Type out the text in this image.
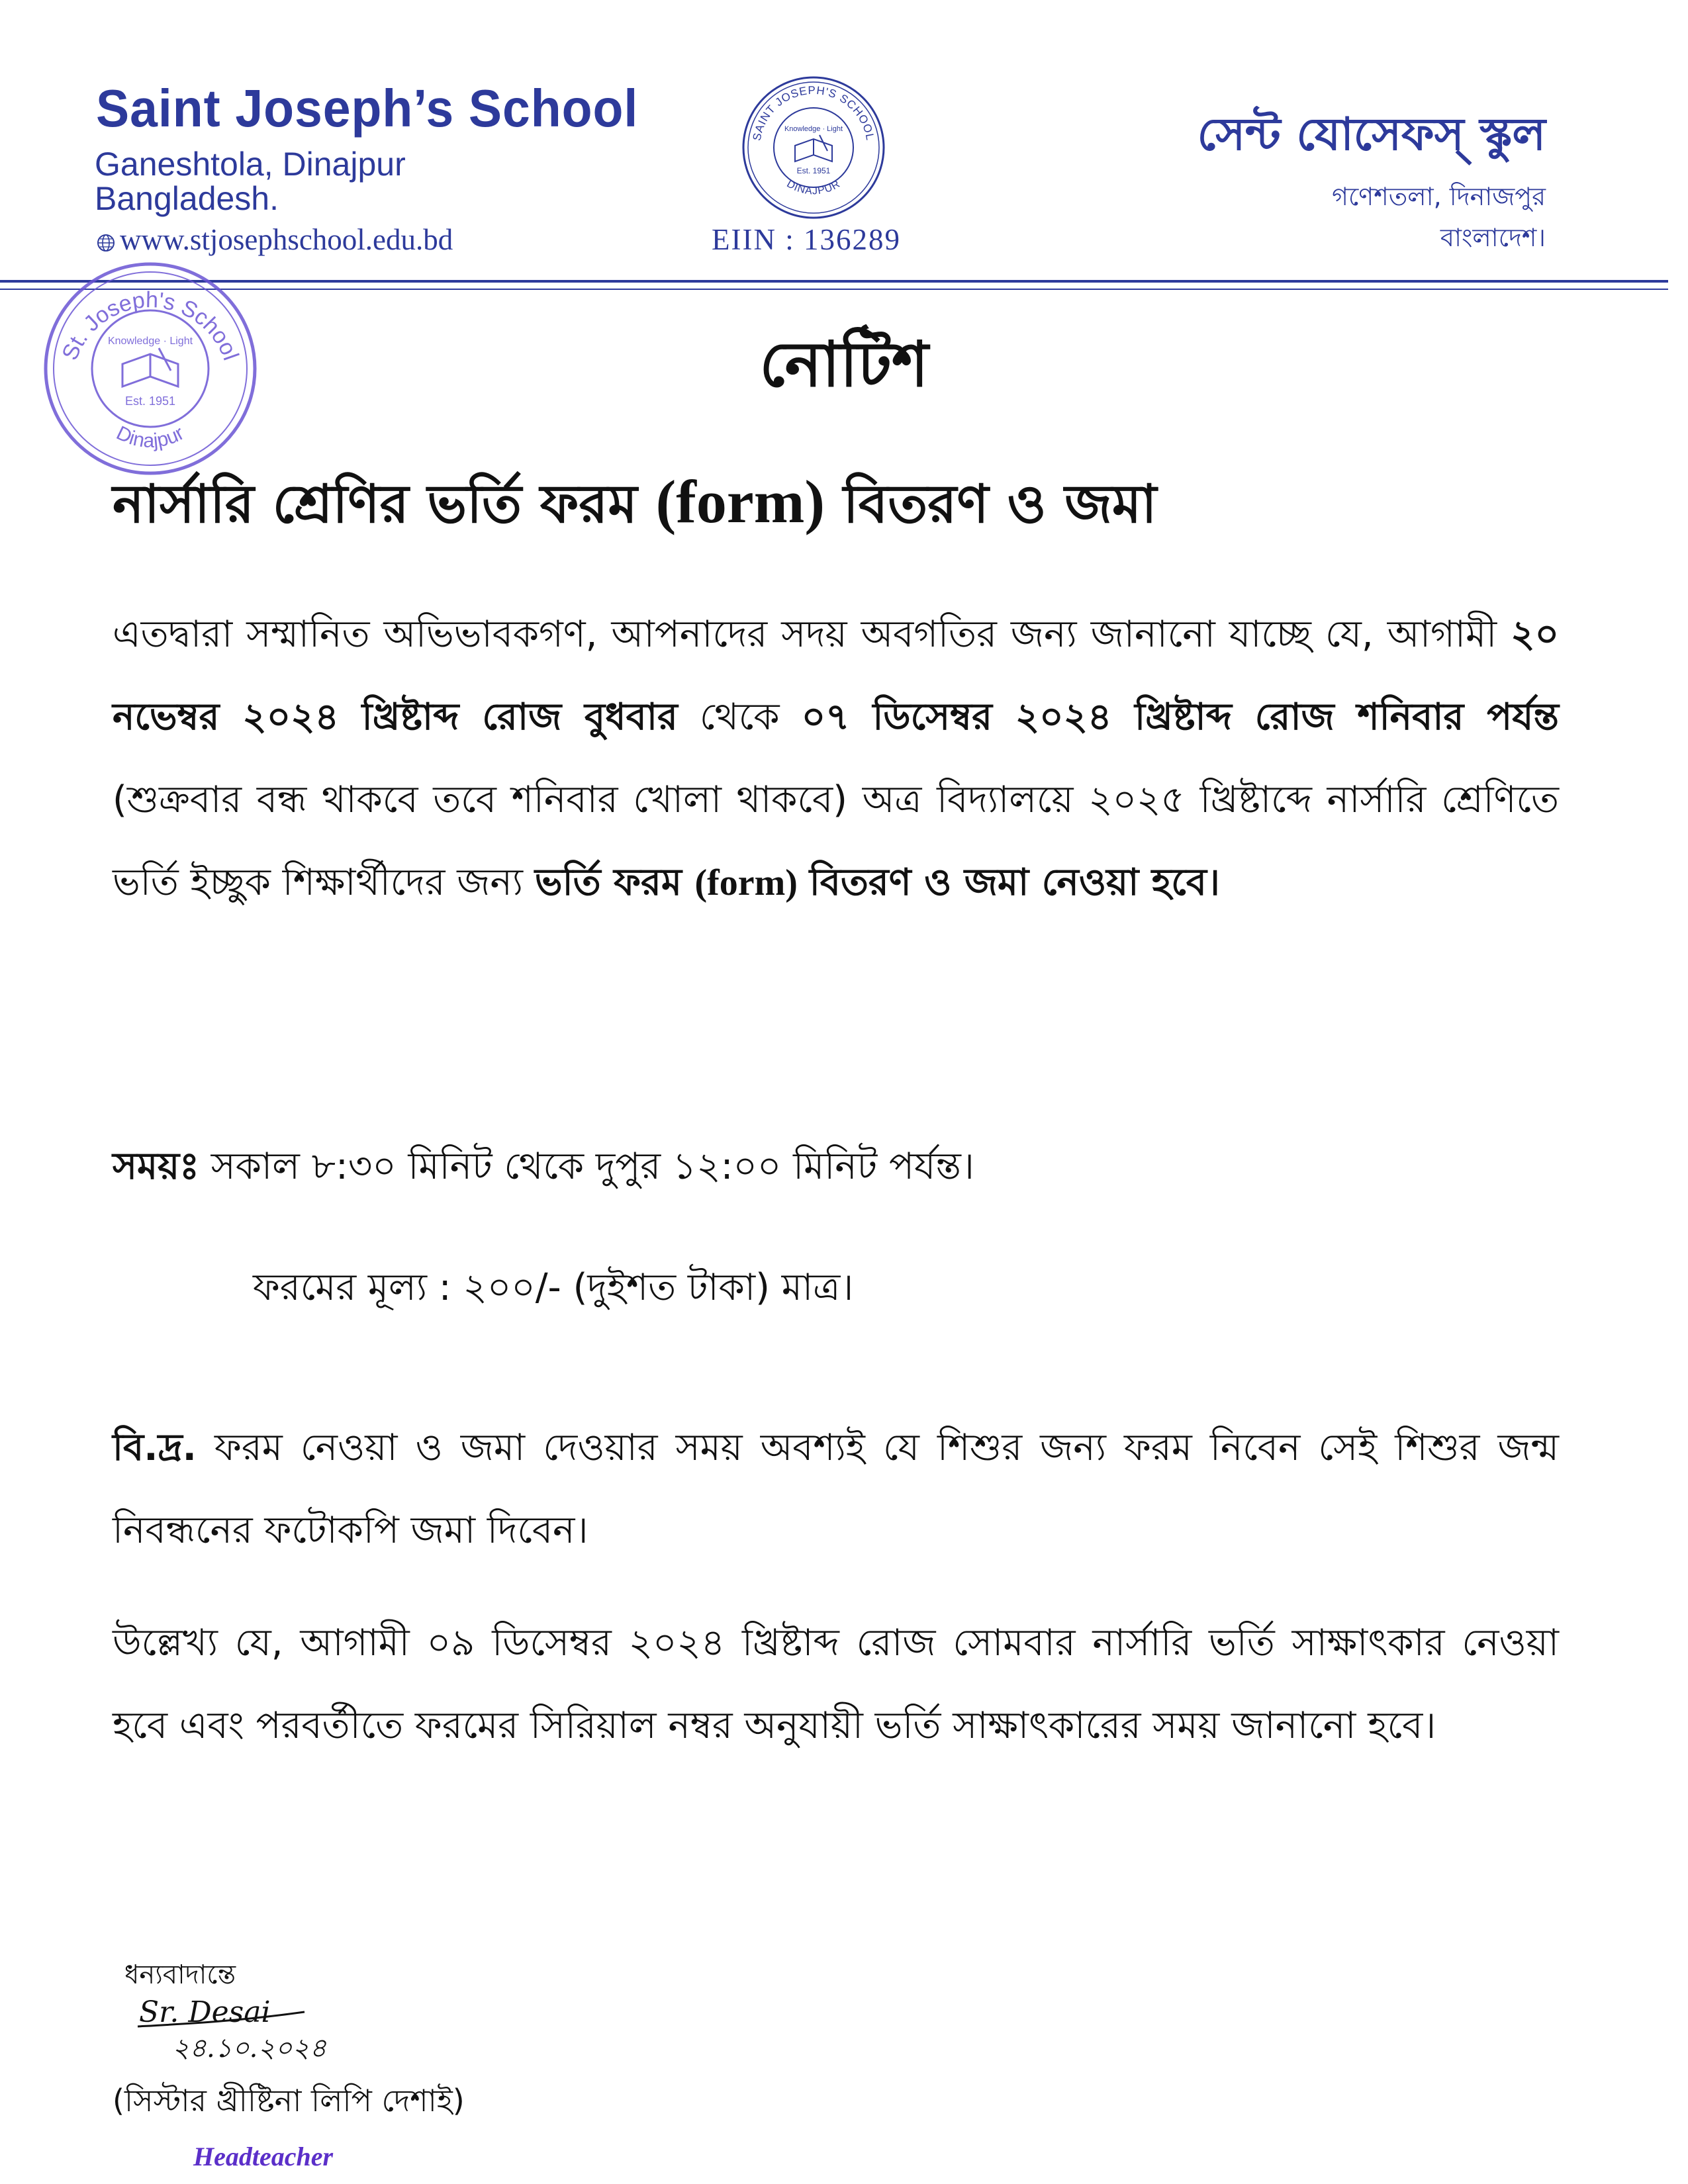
Saint Joseph’s School
Ganeshtola, Dinajpur
Bangladesh.
www.stjosephschool.edu.bd
SAINT JOSEPH'S SCHOOL
DINAJPUR
Knowledge · Light
Est. 1951
EIIN : 136289
সেন্ট যোসেফস্ স্কুল
গণেশতলা, দিনাজপুর
বাংলাদেশ।
St. Joseph's School
Dinajpur
Knowledge · Light
Est. 1951	নোটিশ
নার্সারি শ্রেণির ভর্তি ফরম (form) বিতরণ ও জমা
এতদ্বারা সম্মানিত অভিভাবকগণ, আপনাদের সদয় অবগতির জন্য জানানো যাচ্ছে যে, আগামী ২০ নভেম্বর ২০২৪ খ্রিষ্টাব্দ রোজ বুধবার থেকে ০৭ ডিসেম্বর ২০২৪ খ্রিষ্টাব্দ রোজ শনিবার পর্যন্ত (শুক্রবার বন্ধ থাকবে তবে শনিবার খোলা থাকবে) অত্র বিদ্যালয়ে ২০২৫ খ্রিষ্টাব্দে নার্সারি শ্রেণিতে ভর্তি ইচ্ছুক শিক্ষার্থীদের জন্য ভর্তি ফরম (form) বিতরণ ও জমা নেওয়া হবে।
সময়ঃ সকাল ৮:৩০ মিনিট থেকে দুপুর ১২:০০ মিনিট পর্যন্ত।
ফরমের মূল্য : ২০০/- (দুইশত টাকা) মাত্র।
বি.দ্র. ফরম নেওয়া ও জমা দেওয়ার সময় অবশ্যই যে শিশুর জন্য ফরম নিবেন সেই শিশুর জন্ম নিবন্ধনের ফটোকপি জমা দিবেন।
উল্লেখ্য যে, আগামী ০৯ ডিসেম্বর ২০২৪ খ্রিষ্টাব্দ রোজ সোমবার নার্সারি ভর্তি সাক্ষাৎকার নেওয়া হবে এবং পরবর্তীতে ফরমের সিরিয়াল নম্বর অনুযায়ী ভর্তি সাক্ষাৎকারের সময় জানানো হবে।
ধন্যবাদান্তে
Sr. Desai
২৪.১০.২০২৪
(সিস্টার খ্রীষ্টিনা লিপি দেশাই)
Headteacher
